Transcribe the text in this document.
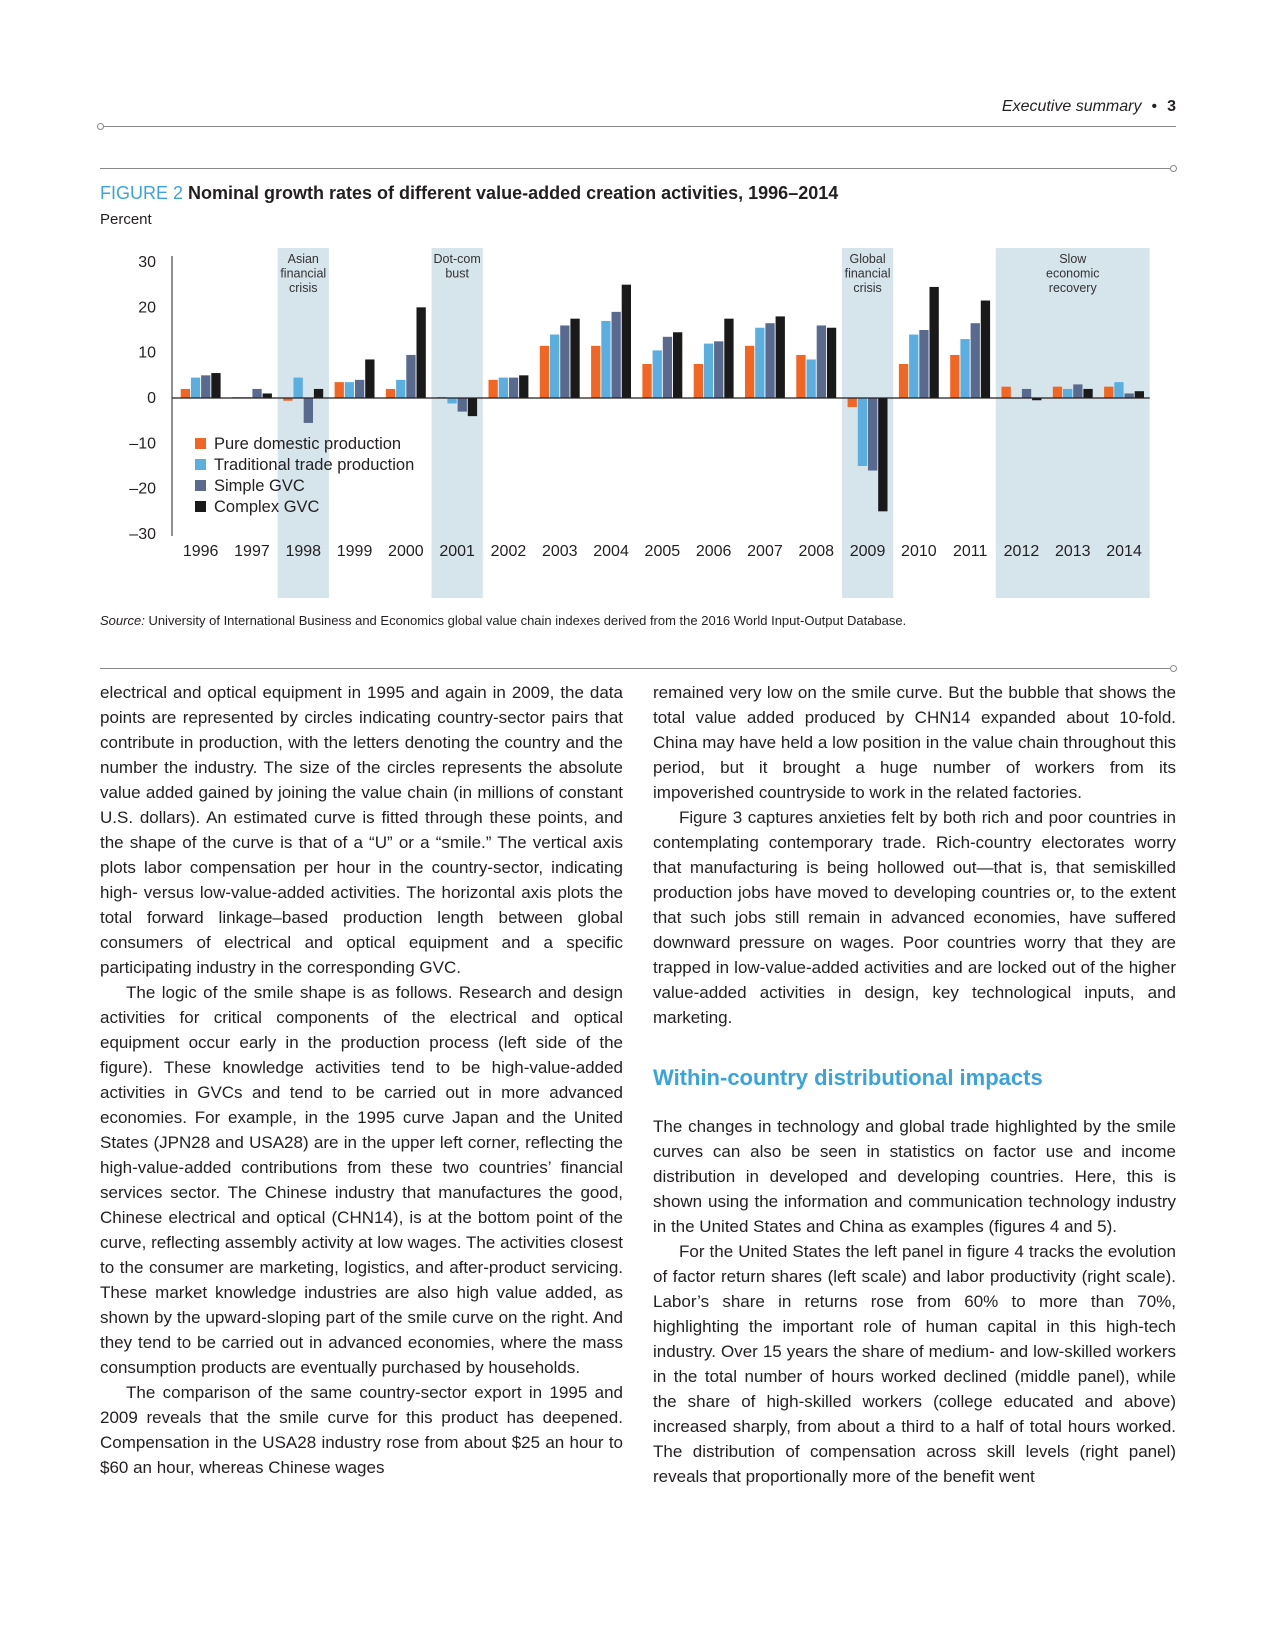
Executive summary • 3
FIGURE 2 Nominal growth rates of different value-added creation activities, 1996–2014
Percent
Asian financial crisis
Dot-com bust
Global financial crisis
Slow economic recovery
30
20
10
0
–10
–20
–30
1996 1997 1998 1999 2000 2001 2002 2003 2004 2005 2006 2007 2008 2009 2010 2011 2012 2013 2014
Pure domestic production
Traditional trade production
Simple GVC
Complex GVC
Source: University of International Business and Economics global value chain indexes derived from the 2016 World Input-Output Database.

electrical and optical equipment in 1995 and again in 2009, the data points are represented by circles indicating country-sector pairs that contribute in production, with the letters denoting the country and the number the industry. The size of the circles represents the absolute value added gained by joining the value chain (in millions of constant U.S. dollars). An estimated curve is fitted through these points, and the shape of the curve is that of a “U” or a “smile.” The vertical axis plots labor compensation per hour in the country-sector, indicating high- versus low-value-added activities. The horizontal axis plots the total forward linkage–based production length between global consumers of electrical and optical equipment and a specific participating industry in the corresponding GVC.

The logic of the smile shape is as follows. Research and design activities for critical components of the electrical and optical equipment occur early in the production process (left side of the figure). These knowledge activities tend to be high-value-added activities in GVCs and tend to be carried out in more advanced economies. For example, in the 1995 curve Japan and the United States (JPN28 and USA28) are in the upper left corner, reflecting the high-value-added contributions from these two countries’ financial services sector. The Chinese industry that manufactures the good, Chinese electrical and optical (CHN14), is at the bottom point of the curve, reflecting assembly activity at low wages. The activities closest to the consumer are marketing, logistics, and after-product servicing. These market knowledge industries are also high value added, as shown by the upward-sloping part of the smile curve on the right. And they tend to be carried out in advanced economies, where the mass consumption products are eventually purchased by households.

The comparison of the same country-sector export in 1995 and 2009 reveals that the smile curve for this product has deepened. Compensation in the USA28 industry rose from about $25 an hour to $60 an hour, whereas Chinese wages

remained very low on the smile curve. But the bubble that shows the total value added produced by CHN14 expanded about 10-fold. China may have held a low position in the value chain throughout this period, but it brought a huge number of workers from its impoverished countryside to work in the related factories.

Figure 3 captures anxieties felt by both rich and poor countries in contemplating contemporary trade. Rich-country electorates worry that manufacturing is being hollowed out—that is, that semiskilled production jobs have moved to developing countries or, to the extent that such jobs still remain in advanced economies, have suffered downward pressure on wages. Poor countries worry that they are trapped in low-value-added activities and are locked out of the higher value-added activities in design, key technological inputs, and marketing.

Within-country distributional impacts

The changes in technology and global trade highlighted by the smile curves can also be seen in statistics on factor use and income distribution in developed and developing countries. Here, this is shown using the information and communication technology industry in the United States and China as examples (figures 4 and 5).

For the United States the left panel in figure 4 tracks the evolution of factor return shares (left scale) and labor productivity (right scale). Labor’s share in returns rose from 60% to more than 70%, highlighting the important role of human capital in this high-tech industry. Over 15 years the share of medium- and low-skilled workers in the total number of hours worked declined (middle panel), while the share of high-skilled workers (college educated and above) increased sharply, from about a third to a half of total hours worked. The distribution of compensation across skill levels (right panel) reveals that proportionally more of the benefit went
